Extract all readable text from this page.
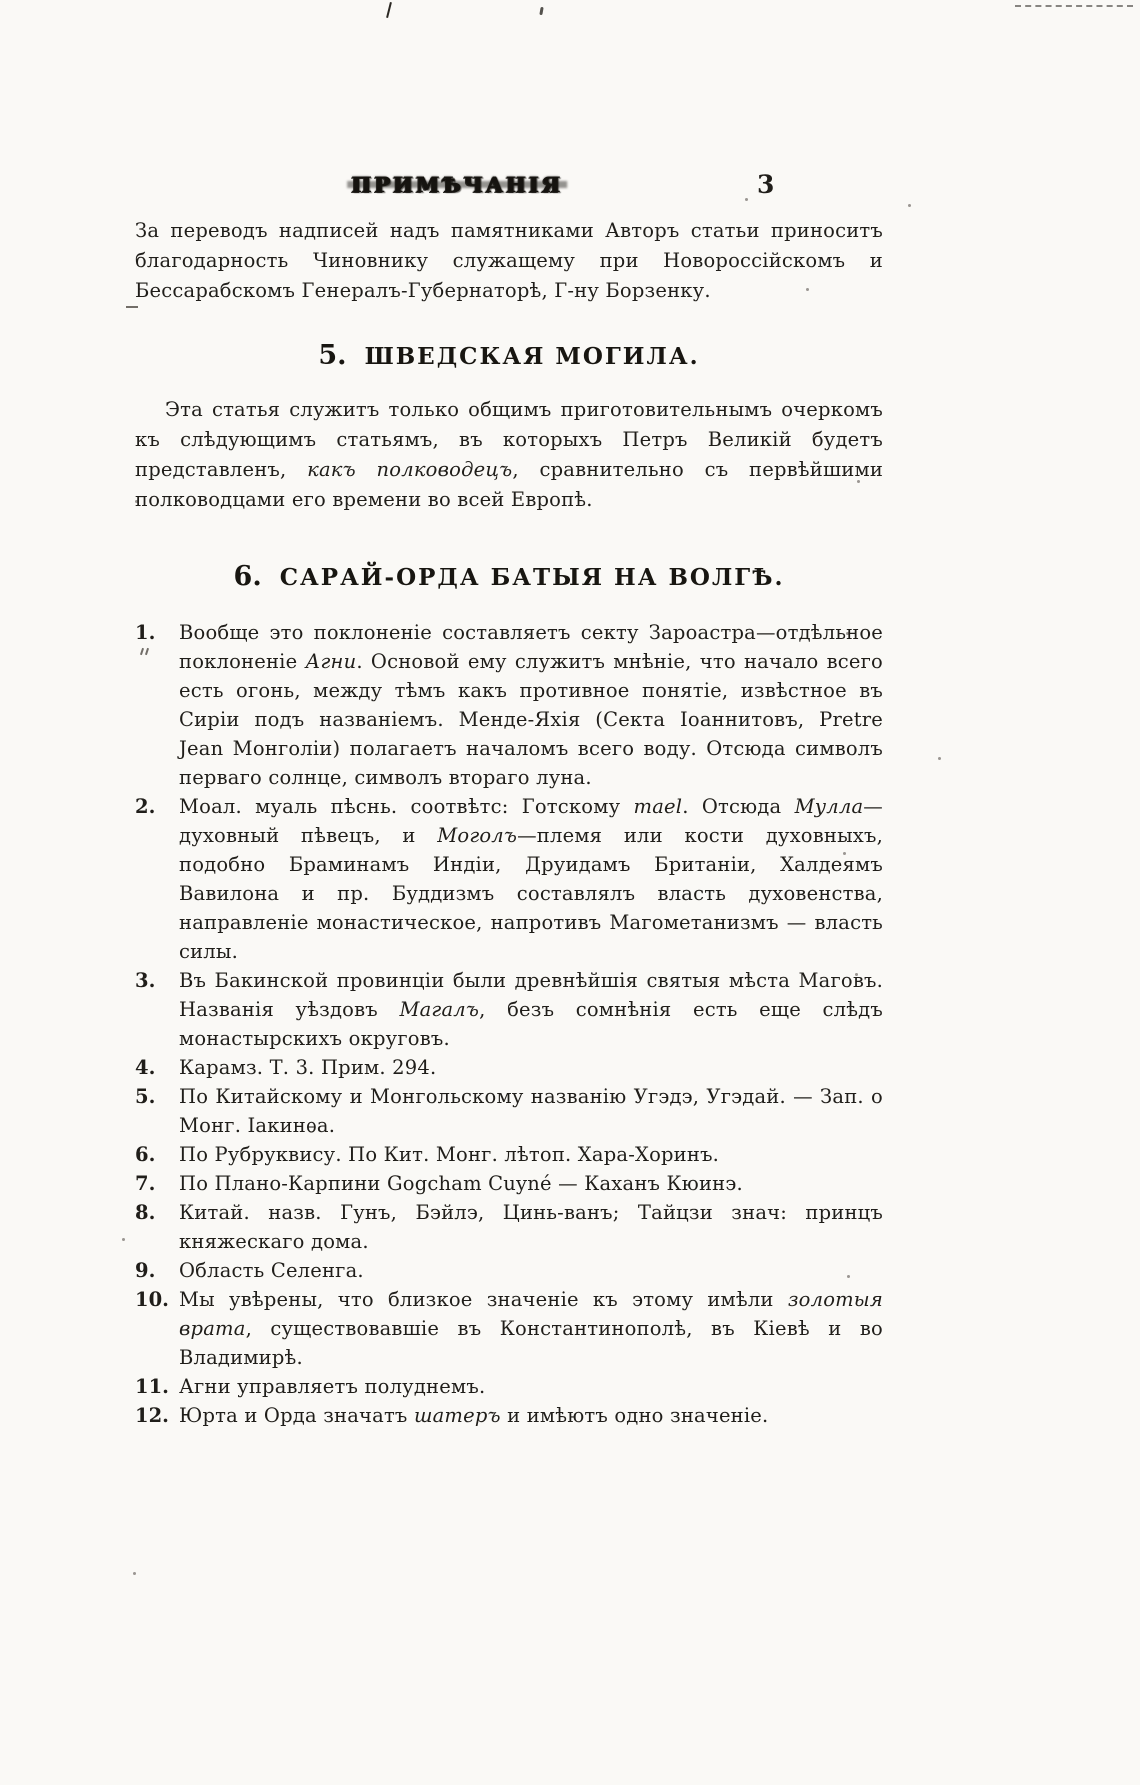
ПРИМѢЧАНІЯ	3

За переводъ надписей надъ памятниками Авторъ статьи приноситъ благодарность Чиновнику служащему при Новороссійскомъ и Бессарабскомъ Генералъ-Губернаторѣ, Г-ну Борзенку.

5. ШВЕДСКАЯ МОГИЛА.

Эта статья служитъ только общимъ приготовительнымъ очеркомъ къ слѣдующимъ статьямъ, въ которыхъ Петръ Великій будетъ представленъ, какъ полководецъ, сравнительно съ первѣйшими полководцами его времени во всей Европѣ.

6. САРАЙ-ОРДА БАТЫЯ НА ВОЛГѢ.
1.	Вообще это поклоненіе составляетъ секту Зароастра—отдѣльное поклоненіе Агни. Основой ему служитъ мнѣніе, что начало всего есть огонь, между тѣмъ какъ противное понятіе, извѣстное въ Сиріи подъ названіемъ. Менде-Яхія (Секта Іоаннитовъ, Pretre Jean Монголіи) полагаетъ началомъ всего воду. Отсюда символъ перваго солнце, символъ втораго луна.
2.	Моал. муаль пѣснь. соотвѣтс: Готскому mael. Отсюда Мулла—духовный пѣвецъ, и Моголъ—племя или кости духовныхъ, подобно Браминамъ Индіи, Друидамъ Британіи, Халдеямъ Вавилона и пр. Буддизмъ составлялъ власть духовенства, направленіе монастическое, напротивъ Магометанизмъ — власть силы.
3.	Въ Бакинской провинціи были древнѣйшія святыя мѣста Маговъ. Названія уѣздовъ Магалъ, безъ сомнѣнія есть еще слѣдъ монастырскихъ округовъ.
4.	Карамз. Т. 3. Прим. 294.
5.	По Китайскому и Монгольскому названію Угэдэ, Угэдай. — Зап. о Монг. Іакинѳа.
6.	По Рубруквису. По Кит. Монг. лѣтоп. Хара-Хоринъ.
7.	По Плано-Карпини Gogcham Cuyné — Каханъ Кюинэ.
8.	Китай. назв. Гунъ, Бэйлэ, Цинь-ванъ; Тайцзи знач: принцъ княжескаго дома.
9.	Область Селенга.
10. Мы увѣрены, что близкое значеніе къ этому имѣли золотыя врата, существовавшіе въ Константинополѣ, въ Кіевѣ и во Владимирѣ.
11. Агни управляетъ полуднемъ.
12. Юрта и Орда значатъ шатеръ и имѣютъ одно значеніе.
